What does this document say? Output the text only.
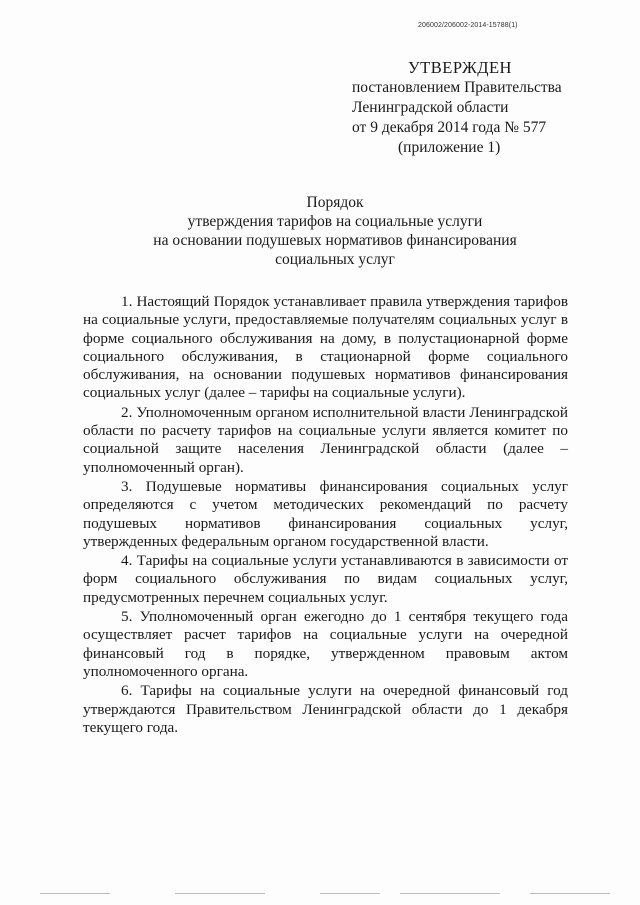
206002/206002-2014-15788(1)
УТВЕРЖДЕН
постановлением Правительства
Ленинградской области
от 9 декабря 2014 года № 577
(приложение 1)
Порядок
утверждения тарифов на социальные услуги
на основании подушевых нормативов финансирования
социальных услуг

1. Настоящий Порядок устанавливает правила утверждения тарифов на социальные услуги, предоставляемые получателям социальных услуг в форме социального обслуживания на дому, в полустационарной форме социального обслуживания, в стационарной форме социального обслуживания, на основании подушевых нормативов финансирования социальных услуг (далее – тарифы на социальные услуги).

2. Уполномоченным органом исполнительной власти Ленинградской области по расчету тарифов на социальные услуги является комитет по социальной защите населения Ленинградской области (далее – уполномоченный орган).

3. Подушевые нормативы финансирования социальных услуг определяются с учетом методических рекомендаций по расчету подушевых нормативов финансирования социальных услуг, утвержденных федеральным органом государственной власти.

4. Тарифы на социальные услуги устанавливаются в зависимости от форм социального обслуживания по видам социальных услуг, предусмотренных перечнем социальных услуг.

5. Уполномоченный орган ежегодно до 1 сентября текущего года осуществляет расчет тарифов на социальные услуги на очередной финансовый год в порядке, утвержденном правовым актом уполномоченного органа.

6. Тарифы на социальные услуги на очередной финансовый год утверждаются Правительством Ленинградской области до 1 декабря текущего года.
